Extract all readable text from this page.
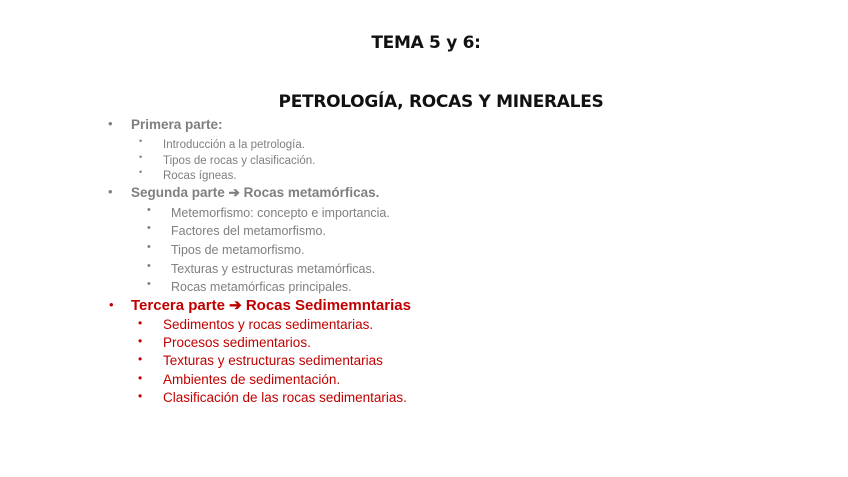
TEMA 5 y 6:
PETROLOGÍA, ROCAS Y MINERALES
• Primera parte:
• Introducción a la petrología.
• Tipos de rocas y clasificación.
• Rocas ígneas.
• Segunda parte ➔ Rocas metamórficas.
• Metemorfismo: concepto e importancia.
• Factores del metamorfismo.
• Tipos de metamorfismo.
• Texturas y estructuras metamórficas.
• Rocas metamórficas principales.
• Tercera parte ➔ Rocas Sedimemntarias
• Sedimentos y rocas sedimentarias.
• Procesos sedimentarios.
• Texturas y estructuras sedimentarias
• Ambientes de sedimentación.
• Clasificación de las rocas sedimentarias.
